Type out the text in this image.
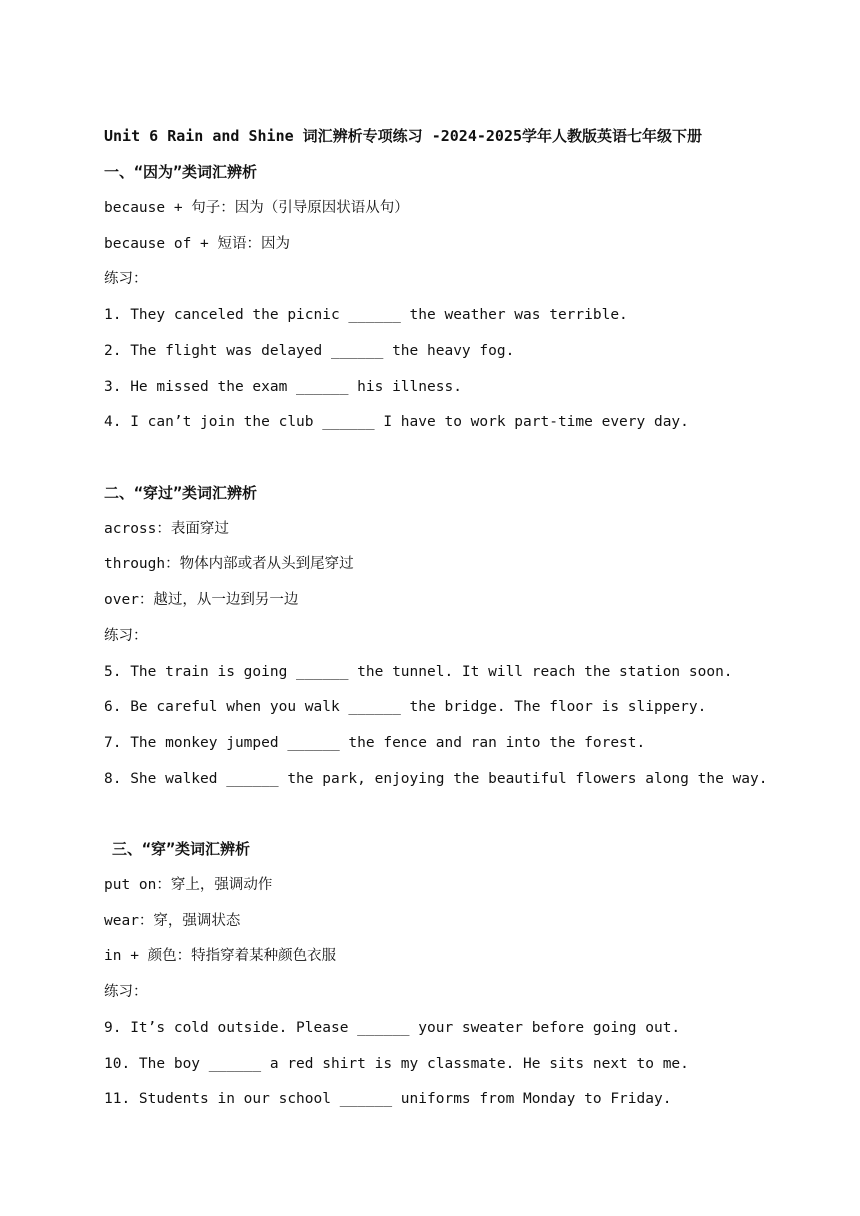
Unit 6 Rain and Shine 词汇辨析专项练习 -2024-2025学年人教版英语七年级下册
一、“因为”类词汇辨析
because + 句子：因为（引导原因状语从句）
because of + 短语：因为
练习：
1. They canceled the picnic ______ the weather was terrible.
2. The flight was delayed ______ the heavy fog.
3. He missed the exam ______ his illness.
4. I can’t join the club ______ I have to work part-time every day.
二、“穿过”类词汇辨析
across：表面穿过
through：物体内部或者从头到尾穿过
over：越过，从一边到另一边
练习：
5. The train is going ______ the tunnel. It will reach the station soon.
6. Be careful when you walk ______ the bridge. The floor is slippery.
7. The monkey jumped ______ the fence and ran into the forest.
8. She walked ______ the park, enjoying the beautiful flowers along the way.
三、“穿”类词汇辨析
put on：穿上，强调动作
wear：穿，强调状态
in + 颜色：特指穿着某种颜色衣服
练习：
9. It’s cold outside. Please ______ your sweater before going out.
10. The boy ______ a red shirt is my classmate. He sits next to me.
11. Students in our school ______ uniforms from Monday to Friday.
